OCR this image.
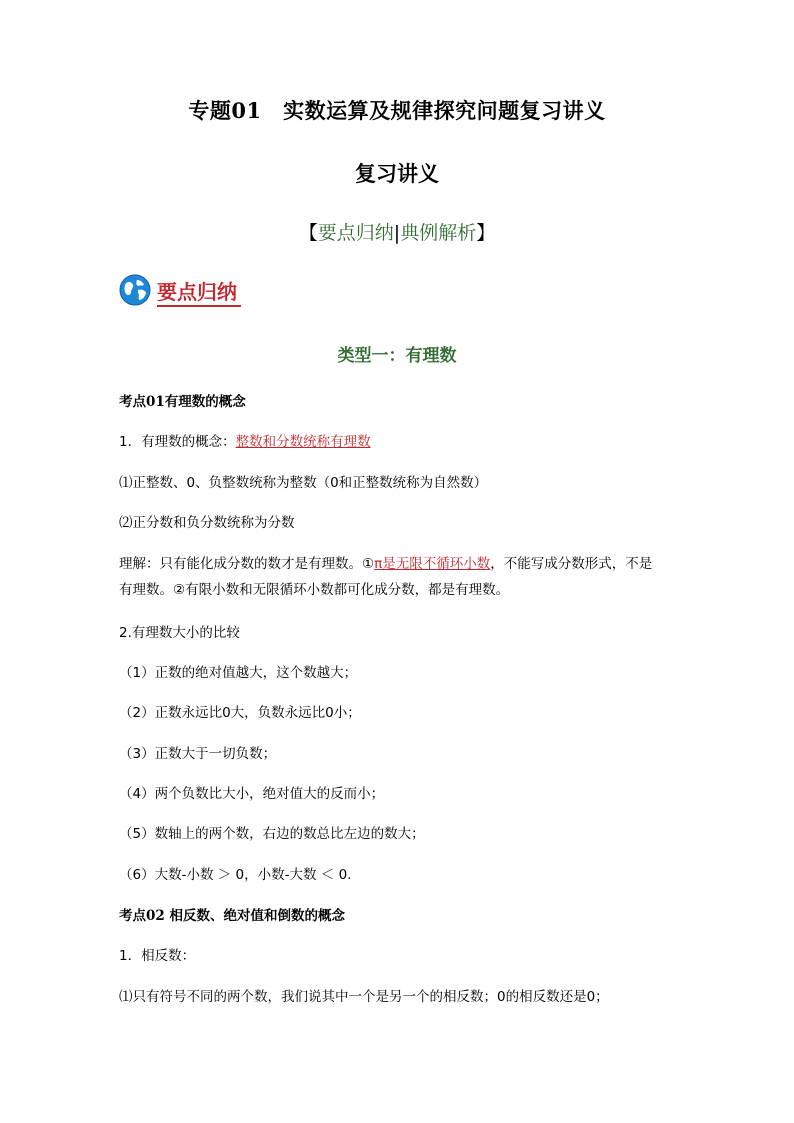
专题01　实数运算及规律探究问题复习讲义
复习讲义
【要点归纳|典例解析】
要点归纳
类型一：有理数
考点01有理数的概念
1．有理数的概念：整数和分数统称有理数
⑴正整数、0、负整数统称为整数（0和正整数统称为自然数）
⑵正分数和负分数统称为分数
理解：只有能化成分数的数才是有理数。①π是无限不循环小数，不能写成分数形式，不是
有理数。②有限小数和无限循环小数都可化成分数，都是有理数。
2.有理数大小的比较
（1）正数的绝对值越大，这个数越大；
（2）正数永远比0大，负数永远比0小；
（3）正数大于一切负数；
（4）两个负数比大小，绝对值大的反而小；
（5）数轴上的两个数，右边的数总比左边的数大；
（6）大数-小数 ＞ 0，小数-大数 ＜ 0.
考点02 相反数、绝对值和倒数的概念
1．相反数：
⑴只有符号不同的两个数，我们说其中一个是另一个的相反数；0的相反数还是0；
